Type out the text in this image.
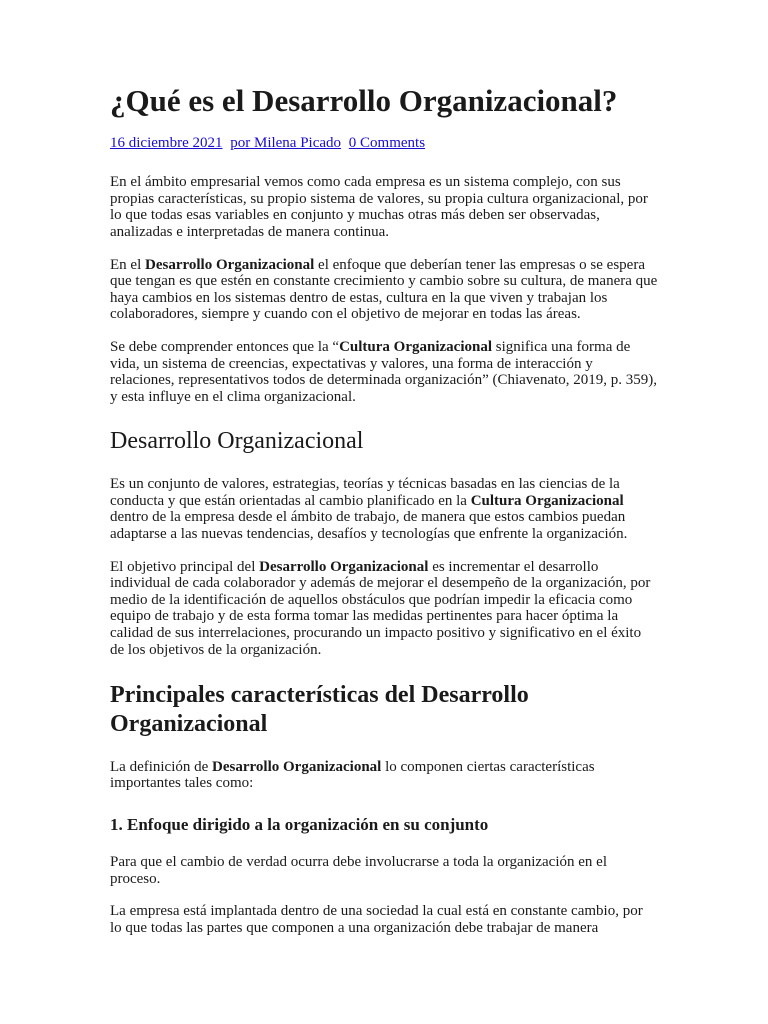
¿Qué es el Desarrollo Organizacional?
16 diciembre 2021 por Milena Picado 0 Comments

En el ámbito empresarial vemos como cada empresa es un sistema complejo, con sus propias características, su propio sistema de valores, su propia cultura organizacional, por lo que todas esas variables en conjunto y muchas otras más deben ser observadas, analizadas e interpretadas de manera continua.

En el Desarrollo Organizacional el enfoque que deberían tener las empresas o se espera que tengan es que estén en constante crecimiento y cambio sobre su cultura, de manera que haya cambios en los sistemas dentro de estas, cultura en la que viven y trabajan los colaboradores, siempre y cuando con el objetivo de mejorar en todas las áreas.

Se debe comprender entonces que la “Cultura Organizacional significa una forma de vida, un sistema de creencias, expectativas y valores, una forma de interacción y relaciones, representativos todos de determinada organización” (Chiavenato, 2019, p. 359), y esta influye en el clima organizacional.

Desarrollo Organizacional

Es un conjunto de valores, estrategias, teorías y técnicas basadas en las ciencias de la conducta y que están orientadas al cambio planificado en la Cultura Organizacional dentro de la empresa desde el ámbito de trabajo, de manera que estos cambios puedan adaptarse a las nuevas tendencias, desafíos y tecnologías que enfrente la organización.

El objetivo principal del Desarrollo Organizacional es incrementar el desarrollo individual de cada colaborador y además de mejorar el desempeño de la organización, por medio de la identificación de aquellos obstáculos que podrían impedir la eficacia como equipo de trabajo y de esta forma tomar las medidas pertinentes para hacer óptima la calidad de sus interrelaciones, procurando un impacto positivo y significativo en el éxito de los objetivos de la organización.

Principales características del Desarrollo Organizacional

La definición de Desarrollo Organizacional lo componen ciertas características importantes tales como:

1. Enfoque dirigido a la organización en su conjunto

Para que el cambio de verdad ocurra debe involucrarse a toda la organización en el proceso.

La empresa está implantada dentro de una sociedad la cual está en constante cambio, por lo que todas las partes que componen a una organización debe trabajar de manera
